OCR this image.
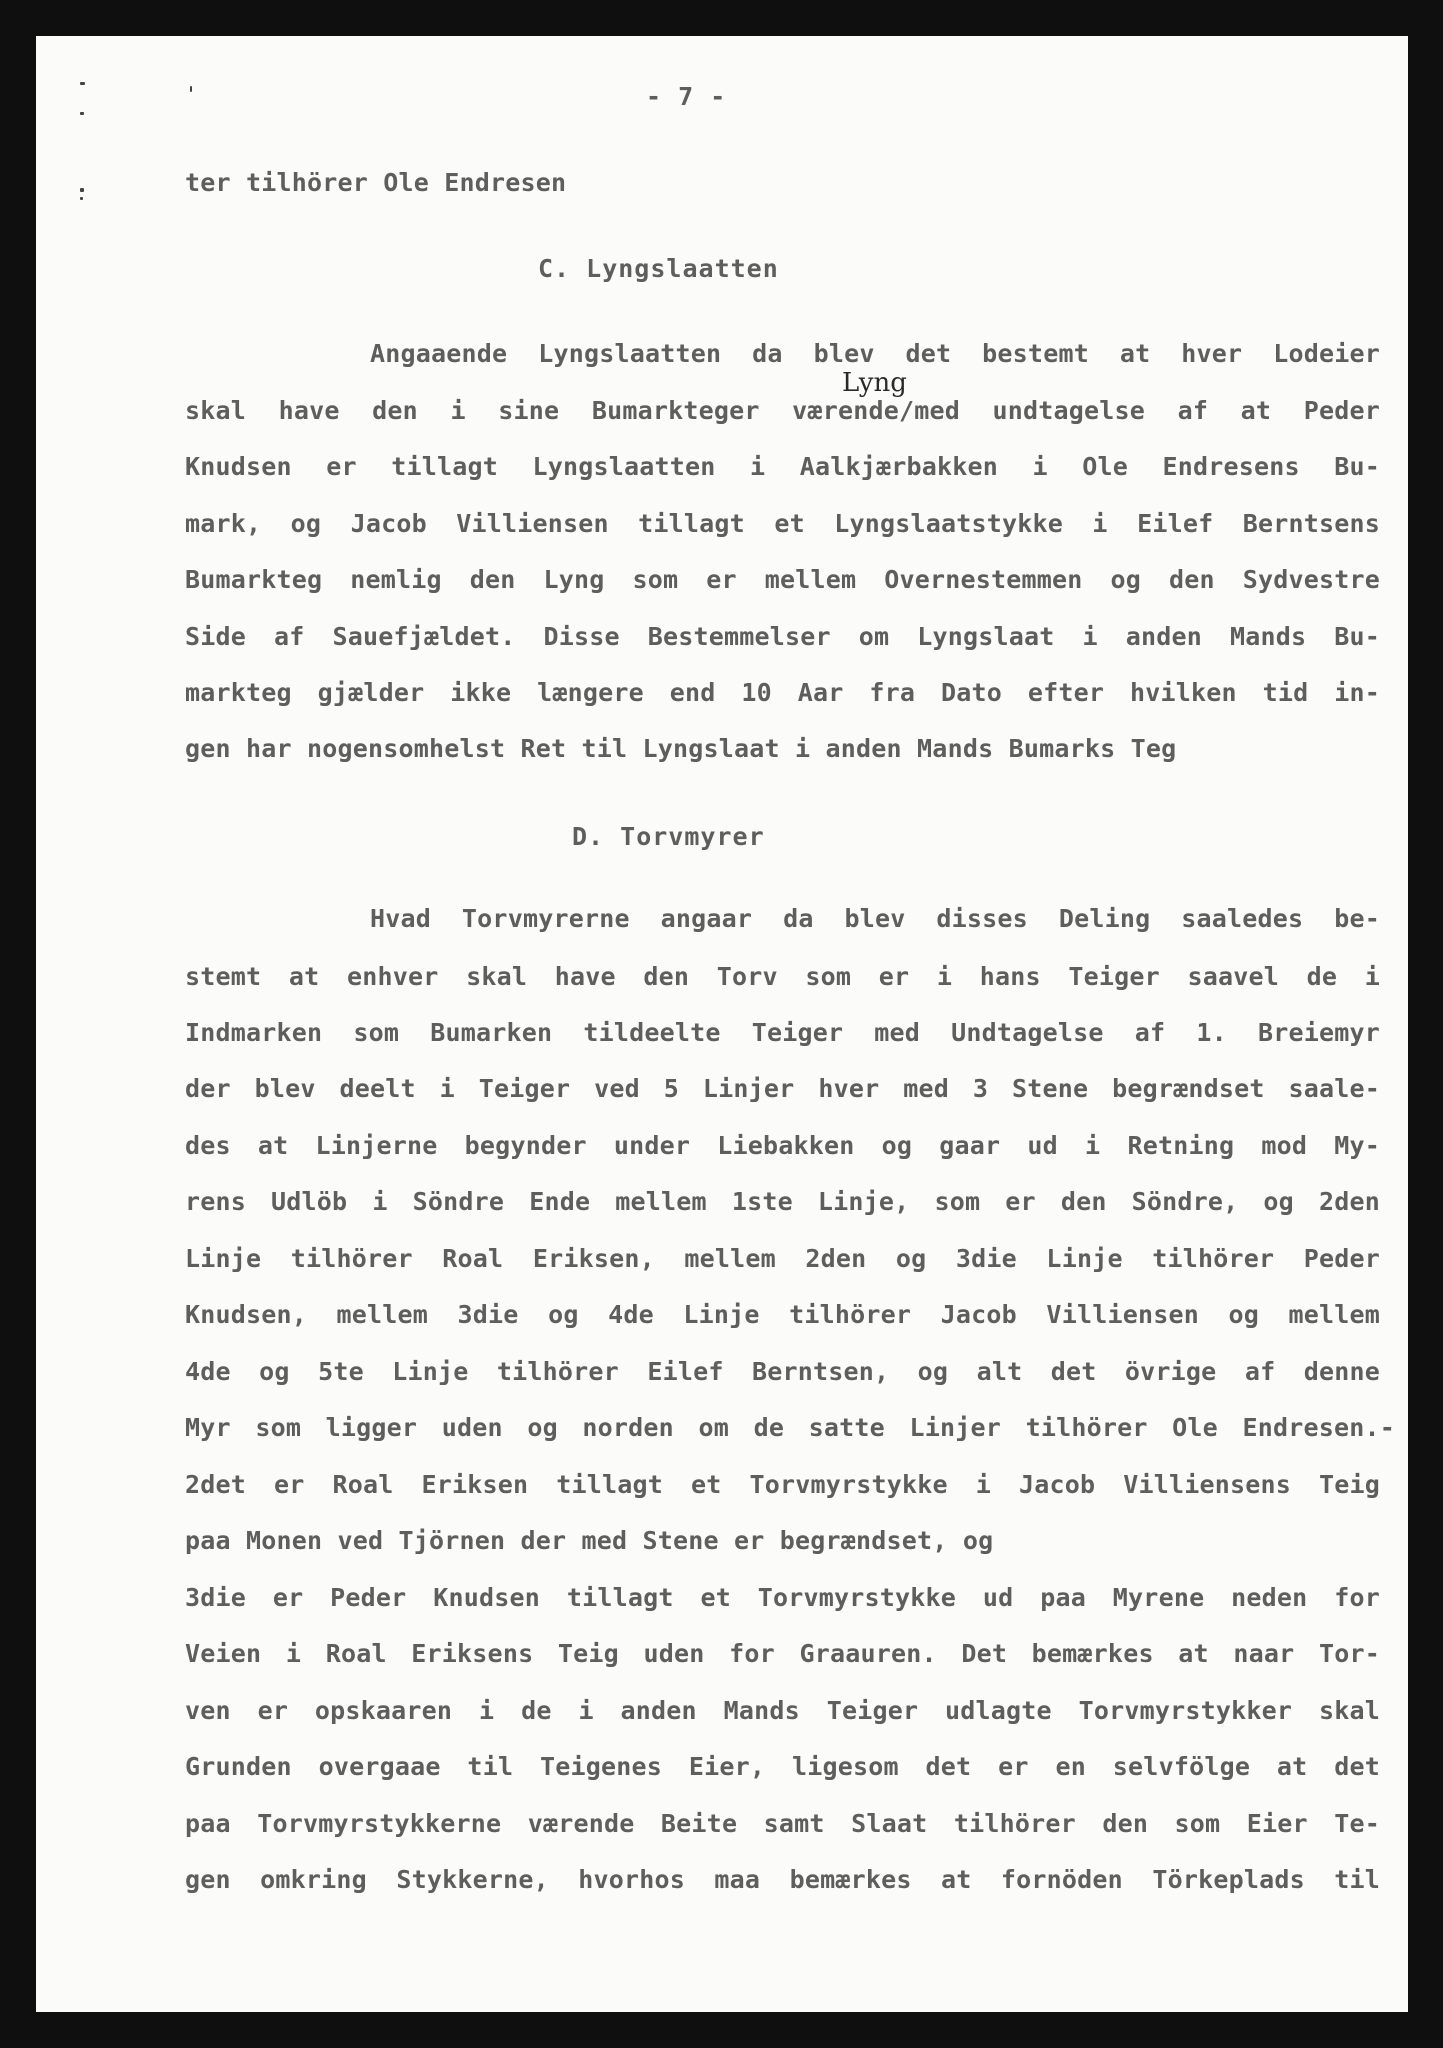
- 7 -
Lyng
ter tilhörer Ole Endresen
C. Lyngslaatten
Angaaende Lyngslaatten da blev det bestemt at hver Lodeier
skal have den i sine Bumarkteger værende/med undtagelse af at Peder
Knudsen er tillagt Lyngslaatten i Aalkjærbakken i Ole Endresens Bu-
mark, og Jacob Villiensen tillagt et Lyngslaatstykke i Eilef Berntsens
Bumarkteg nemlig den Lyng som er mellem Overnestemmen og den Sydvestre
Side af Sauefjældet. Disse Bestemmelser om Lyngslaat i anden Mands Bu-
markteg gjælder ikke længere end 10 Aar fra Dato efter hvilken tid in-
gen har nogensomhelst Ret til Lyngslaat i anden Mands Bumarks Teg
D. Torvmyrer
Hvad Torvmyrerne angaar da blev disses Deling saaledes be-
stemt at enhver skal have den Torv som er i hans Teiger saavel de i
Indmarken som Bumarken tildeelte Teiger med Undtagelse af 1. Breiemyr
der blev deelt i Teiger ved 5 Linjer hver med 3 Stene begrændset saale-
des at Linjerne begynder under Liebakken og gaar ud i Retning mod My-
rens Udlöb i Söndre Ende mellem 1ste Linje, som er den Söndre, og 2den
Linje tilhörer Roal Eriksen, mellem 2den og 3die Linje tilhörer Peder
Knudsen, mellem 3die og 4de Linje tilhörer Jacob Villiensen og mellem
4de og 5te Linje tilhörer Eilef Berntsen, og alt det övrige af denne
Myr som ligger uden og norden om de satte Linjer tilhörer Ole Endresen.-
2det er Roal Eriksen tillagt et Torvmyrstykke i Jacob Villiensens Teig
paa Monen ved Tjörnen der med Stene er begrændset, og
3die er Peder Knudsen tillagt et Torvmyrstykke ud paa Myrene neden for
Veien i Roal Eriksens Teig uden for Graauren. Det bemærkes at naar Tor-
ven er opskaaren i de i anden Mands Teiger udlagte Torvmyrstykker skal
Grunden overgaae til Teigenes Eier, ligesom det er en selvfölge at det
paa Torvmyrstykkerne værende Beite samt Slaat tilhörer den som Eier Te-
gen omkring Stykkerne, hvorhos maa bemærkes at fornöden Törkeplads til
